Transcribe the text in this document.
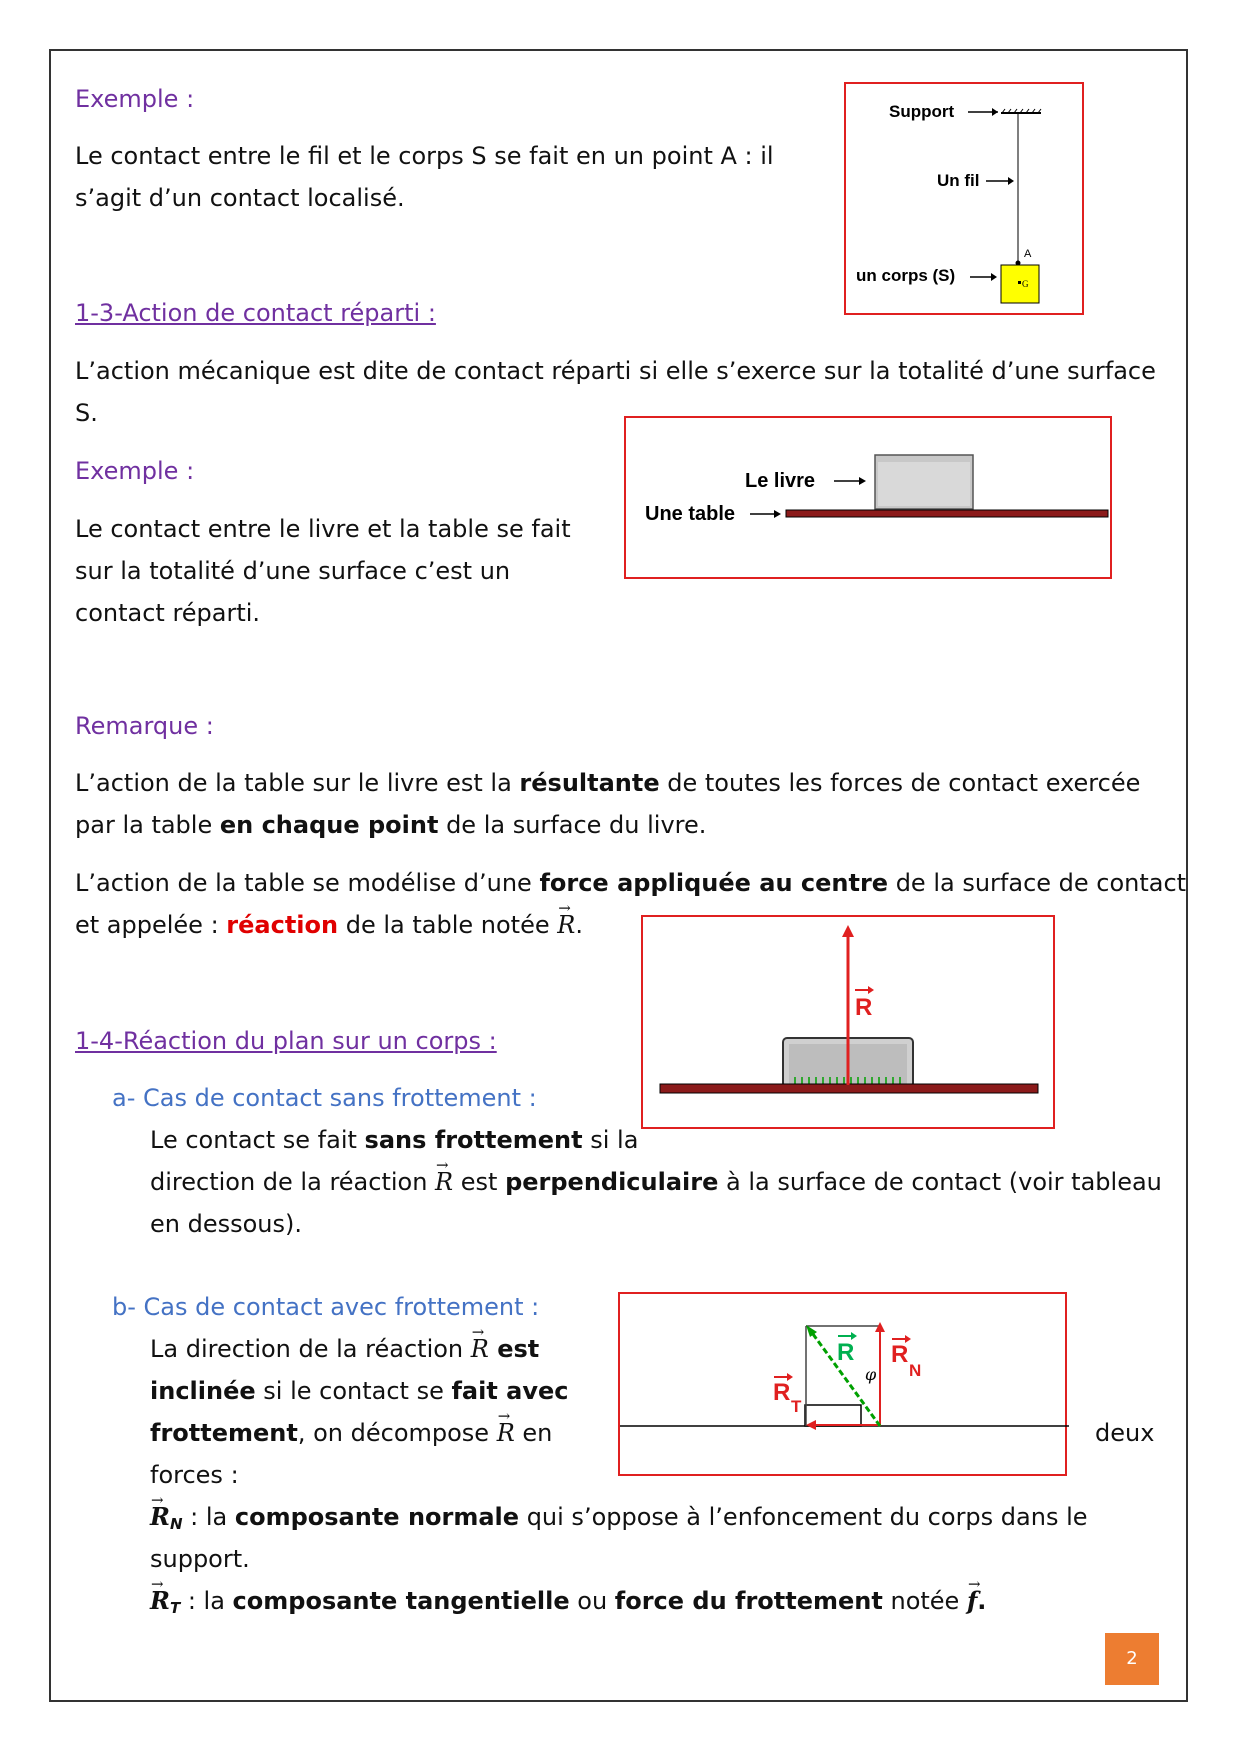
Exemple :

Le contact entre le fil et le corps S se fait en un point A : il

s’agit d’un contact localisé.

Support
Un fil
A
G
un corps (S)

1-3-Action de contact réparti :

L’action mécanique est dite de contact réparti si elle s’exerce sur la totalité d’une surface

S.

Exemple :

Le contact entre le livre et la table se fait

sur la totalité d’une surface c’est un

contact réparti.

Le livre
Une table

Remarque :

L’action de la table sur le livre est la résultante de toutes les forces de contact exercée

par la table en chaque point de la surface du livre.

L’action de la table se modélise d’une force appliquée au centre de la surface de contact

et appelée : réaction de la table notée → R.

R

1-4-Réaction du plan sur un corps :

a- Cas de contact sans frottement :

Le contact se fait sans frottement si la

direction de la réaction → R est perpendiculaire à la surface de contact (voir tableau

en dessous).

b- Cas de contact avec frottement :

La direction de la réaction → R est

inclinée si le contact se fait avec

frottement, on décompose → R en	deux

forces :

R R
N
R
T
φ

→ $R_N$ : la composante normale qui s’oppose à l’enfoncement du corps dans le

support.

→ $R_T$ : la composante tangentielle ou force du frottement notée → f.

2
